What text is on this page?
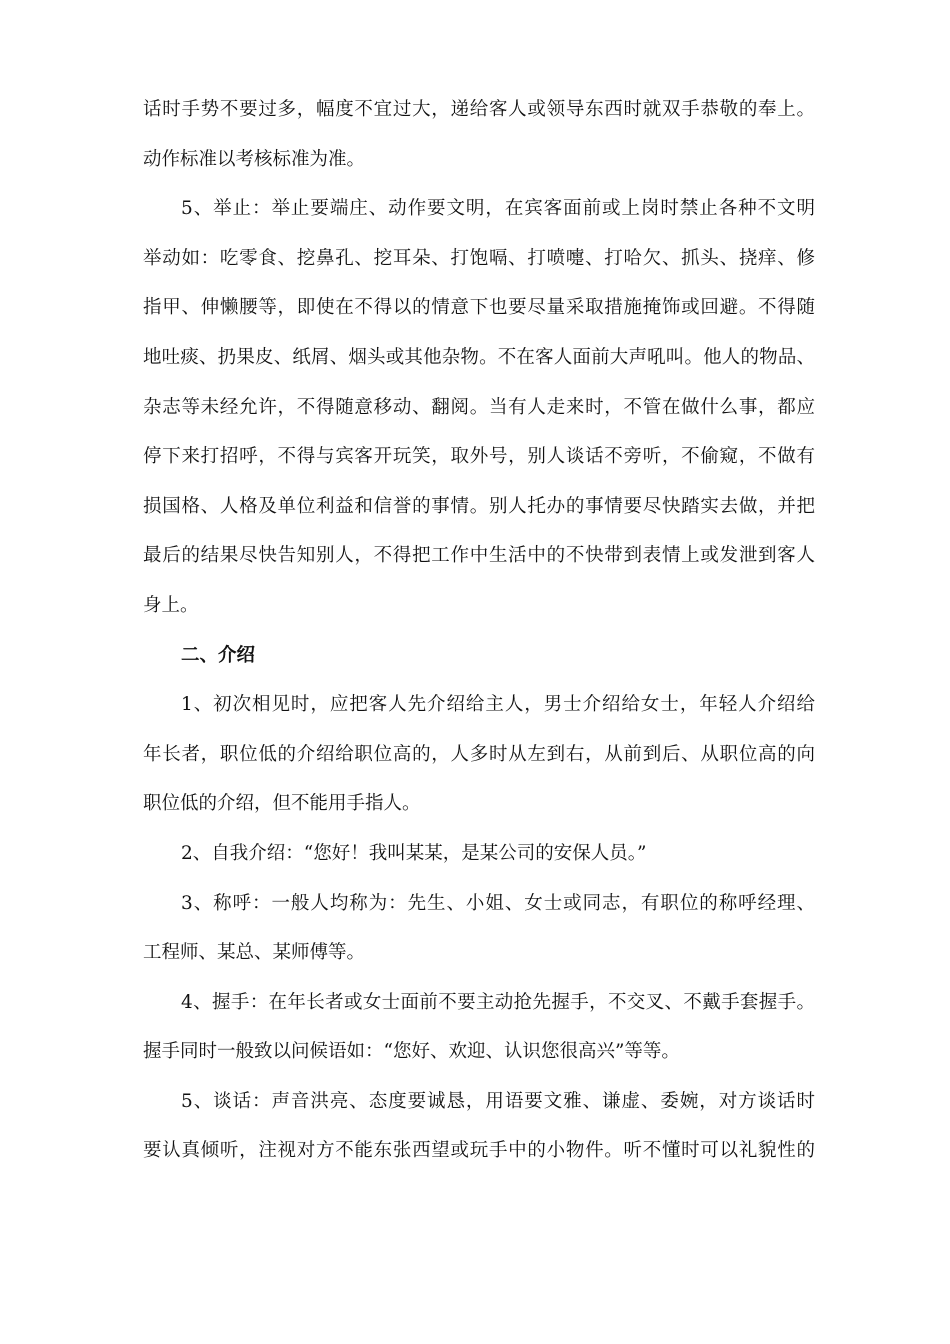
话时手势不要过多，幅度不宜过大，递给客人或领导东西时就双手恭敬的奉上。
动作标准以考核标准为准。
5、举止：举止要端庄、动作要文明，在宾客面前或上岗时禁止各种不文明
举动如：吃零食、挖鼻孔、挖耳朵、打饱嗝、打喷嚏、打哈欠、抓头、挠痒、修
指甲、伸懒腰等，即使在不得以的情意下也要尽量采取措施掩饰或回避。不得随
地吐痰、扔果皮、纸屑、烟头或其他杂物。不在客人面前大声吼叫。他人的物品、
杂志等未经允许，不得随意移动、翻阅。当有人走来时，不管在做什么事，都应
停下来打招呼，不得与宾客开玩笑，取外号，别人谈话不旁听，不偷窥，不做有
损国格、人格及单位利益和信誉的事情。别人托办的事情要尽快踏实去做，并把
最后的结果尽快告知别人，不得把工作中生活中的不快带到表情上或发泄到客人
身上。
二、介绍
1、初次相见时，应把客人先介绍给主人，男士介绍给女士，年轻人介绍给
年长者，职位低的介绍给职位高的，人多时从左到右，从前到后、从职位高的向
职位低的介绍，但不能用手指人。
2、自我介绍：“您好！我叫某某，是某公司的安保人员。”
3、称呼：一般人均称为：先生、小姐、女士或同志，有职位的称呼经理、
工程师、某总、某师傅等。
4、握手：在年长者或女士面前不要主动抢先握手，不交叉、不戴手套握手。
握手同时一般致以问候语如：“您好、欢迎、认识您很高兴”等等。
5、谈话：声音洪亮、态度要诚恳，用语要文雅、谦虚、委婉，对方谈话时
要认真倾听，注视对方不能东张西望或玩手中的小物件。听不懂时可以礼貌性的
